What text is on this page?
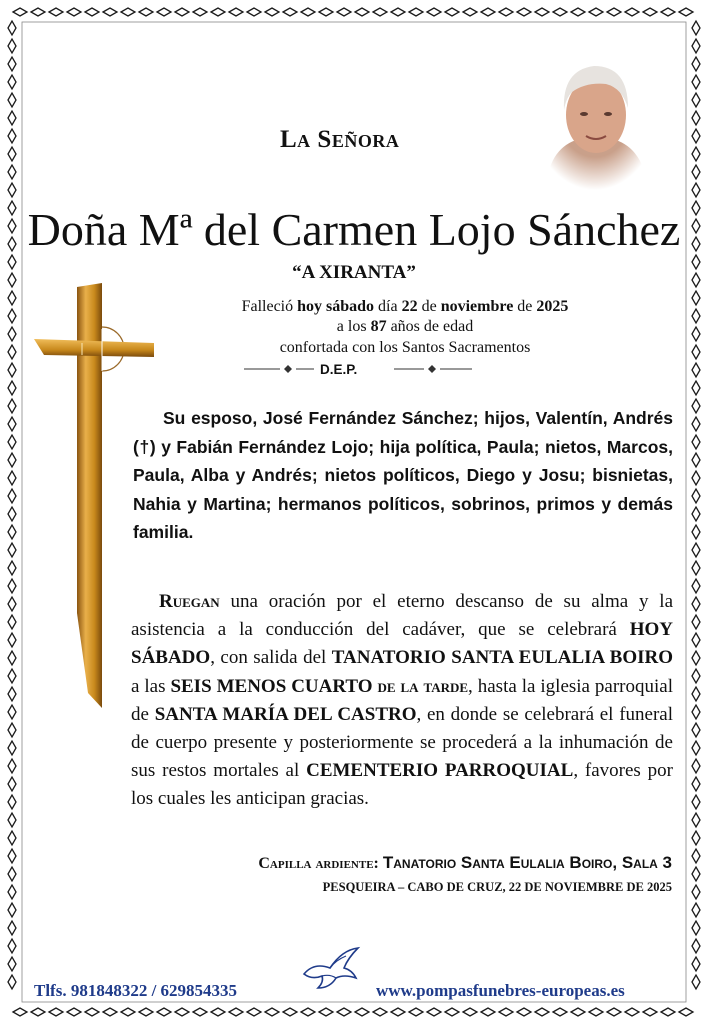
La Señora
Doña Mª del Carmen Lojo Sánchez
“A XIRANTA”
Falleció hoy sábado día 22 de noviembre de 2025
a los 87 años de edad
confortada con los Santos Sacramentos
D.E.P.

Su esposo, José Fernández Sánchez; hijos, Valentín, Andrés (†) y Fabián Fernández Lojo; hija política, Paula; nietos, Marcos, Paula, Alba y Andrés; nietos políticos, Diego y Josu; bisnietas, Nahia y Martina; hermanos políticos, sobrinos, primos y demás familia.

Ruegan una oración por el eterno descanso de su alma y la asistencia a la conducción del cadáver, que se celebrará HOY SÁBADO, con salida del TANATORIO SANTA EULALIA BOIRO a las SEIS MENOS CUARTO de la tarde, hasta la iglesia parroquial de SANTA MARÍA DEL CASTRO, en donde se celebrará el funeral de cuerpo presente y posteriormente se procederá a la inhumación de sus restos mortales al CEMENTERIO PARROQUIAL, favores por los cuales les anticipan gracias.

Capilla ardiente: Tanatorio Santa Eulalia Boiro, Sala 3
PESQUEIRA – CABO DE CRUZ, 22 DE NOVIEMBRE DE 2025
Tlfs. 981848322 / 629854335	www.pompasfunebres-europeas.es
